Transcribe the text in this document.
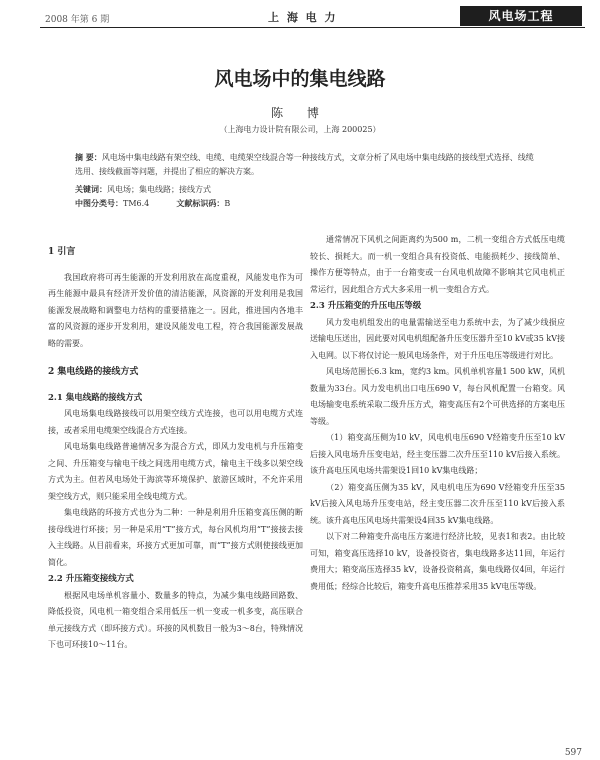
2008 年第 6 期	上 海 电 力	风电场工程
风电场中的集电线路
陈 博
（上海电力设计院有限公司，上海 200025）
摘 要：风电场中集电线路有架空线、电缆、电缆架空线混合等一种接线方式，文章分析了风电场中集电线路的接线型式选择、线缆选用、接线截面等问题，并提出了相应的解决方案。
关键词：风电场；集电线路；接线方式
中图分类号：TM6.4	文献标识码：B
1 引言

我国政府将可再生能源的开发利用放在高度重视，风能发电作为可再生能源中最具有经济开发价值的清洁能源，风资源的开发利用是我国能源发展战略和调整电力结构的重要措施之一。因此，推进国内各地丰富的风资源的逐步开发利用，建设风能发电工程，符合我国能源发展战略的需要。

2 集电线路的接线方式
2.1 集电线路的接线方式

风电场集电线路接线可以用架空线方式连接，也可以用电缆方式连接，或者采用电缆架空线混合方式连接。

风电场集电线路普遍情况多为混合方式，即风力发电机与升压箱变之间、升压箱变与输电干线之间选用电缆方式，输电主干线多以架空线方式为主。但若风电场处于海滨等环境保护、旅游区域时，不允许采用架空线方式，则只能采用全线电缆方式。

集电线路的环接方式也分为二种：一种是利用升压箱变高压侧的断接母线进行环接；另一种是采用“T”接方式，每台风机均用“T”接接去接入主线路。从目前看来，环接方式更加可靠，而“T”接方式则使接线更加简化。

2.2 升压箱变接线方式

根据风电场单机容量小、数量多的特点，为减少集电线路回路数、降低投资，风电机一箱变组合采用低压一机一变或一机多变，高压联合单元接线方式（即环接方式）。环接的风机数目一般为3～8台，特殊情况下也可环接10～11台。

通常情况下风机之间距离约为500 m，二机一变组合方式低压电缆较长、损耗大。而一机一变组合具有投资低、电能损耗少、接线简单、操作方便等特点，由于一台箱变或一台风电机故障不影响其它风电机正常运行，因此组合方式大多采用一机一变组合方式。

2.3 升压箱变的升压电压等级

风力发电机组发出的电量需输送至电力系统中去，为了减少线损应送输电压送出，因此要对风电机组配备升压变压器升至10 kV或35 kV接入电网。以下将仅讨论一般风电场条件，对于升压电压等级进行对比。

风电场范围长6.3 km，宽约3 km。风机单机容量1 500 kW，风机数量为33台。风力发电机出口电压690 V，每台风机配置一台箱变。风电场输变电系统采取二级升压方式，箱变高压有2个可供选择的方案电压等级。

（1）箱变高压侧为10 kV，风电机电压690 V经箱变升压至10 kV后接入风电场升压变电站，经主变压器二次升压至110 kV后接入系统。该升高电压风电场共需架设1回10 kV集电线路；

（2）箱变高压侧为35 kV，风电机电压为690 V经箱变升压至35 kV后接入风电场升压变电站，经主变压器二次升压至110 kV后接入系统。该升高电压风电场共需架设4回35 kV集电线路。

以下对二种箱变升高电压方案进行经济比较，见表1和表2。由比较可知，箱变高压选择10 kV，设备投资省，集电线路多达11回，年运行费用大；箱变高压选择35 kV，设备投资稍高，集电线路仅4回，年运行费用低；经综合比较后，箱变升高电压推荐采用35 kV电压等级。

597
